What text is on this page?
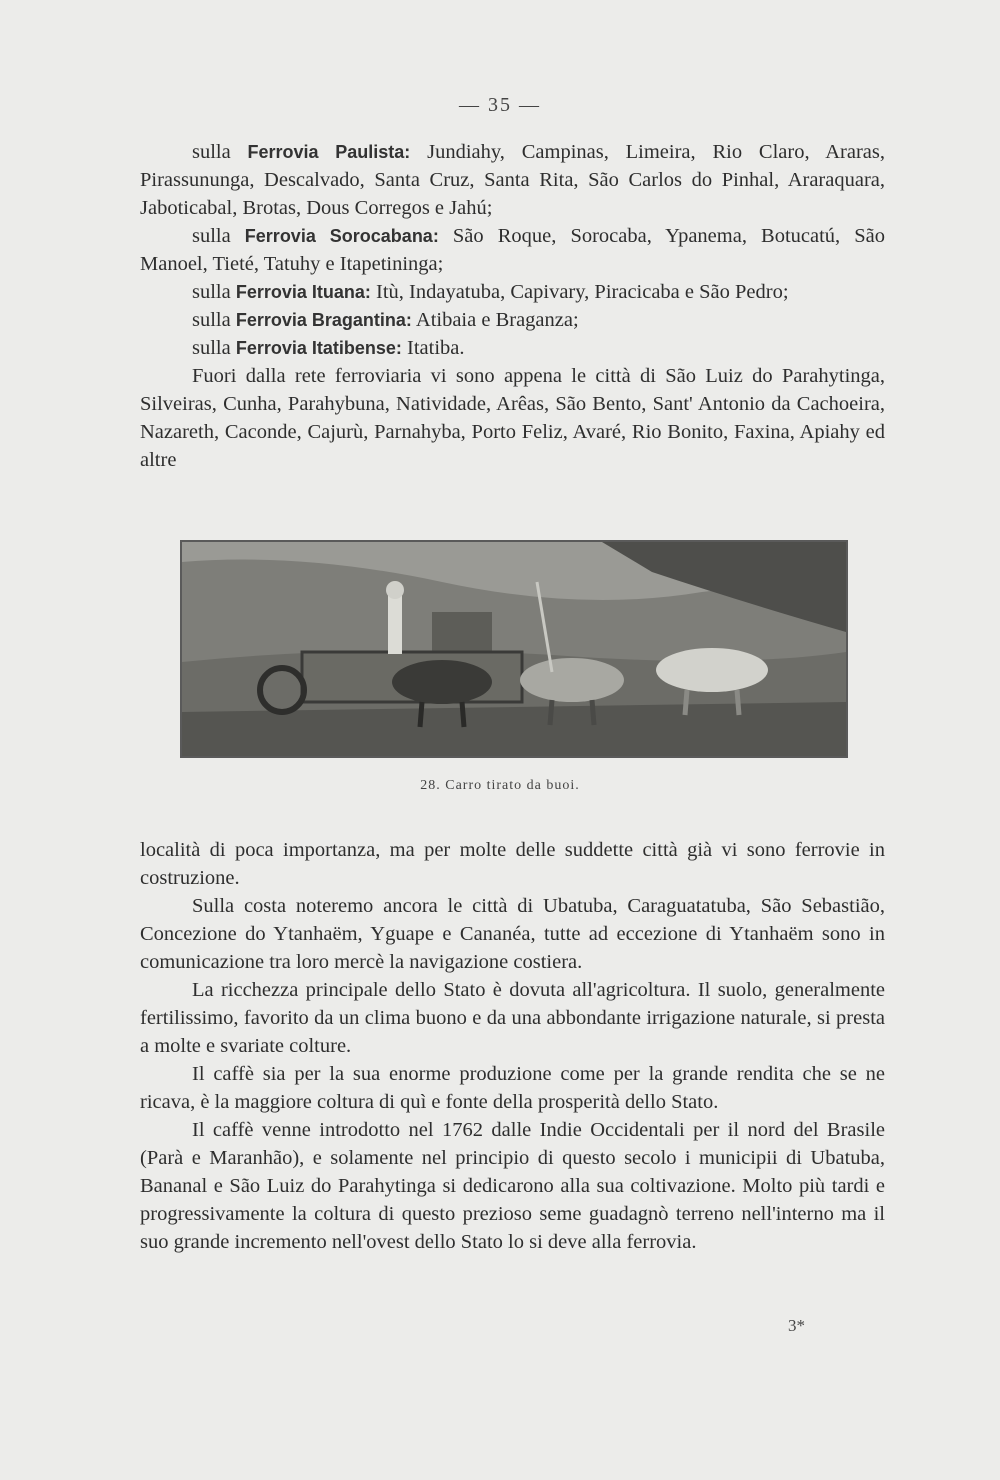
— 35 —

sulla Ferrovia Paulista: Jundiahy, Campinas, Limeira, Rio Claro, Araras, Pirassununga, Descalvado, Santa Cruz, Santa Rita, São Carlos do Pinhal, Araraquara, Jaboticabal, Brotas, Dous Corregos e Jahú;

sulla Ferrovia Sorocabana: São Roque, Sorocaba, Ypanema, Botucatú, São Manoel, Tieté, Tatuhy e Itapetininga;

sulla Ferrovia Ituana: Itù, Indayatuba, Capivary, Piracicaba e São Pedro;

sulla Ferrovia Bragantina: Atibaia e Braganza;

sulla Ferrovia Itatibense: Itatiba.

Fuori dalla rete ferroviaria vi sono appena le città di São Luiz do Parahytinga, Silveiras, Cunha, Parahybuna, Natividade, Arêas, São Bento, Sant' Antonio da Cachoeira, Nazareth, Caconde, Cajurù, Parnahyba, Porto Feliz, Avaré, Rio Bonito, Faxina, Apiahy ed altre

28. Carro tirato da buoi.

località di poca importanza, ma per molte delle suddette città già vi sono ferrovie in costruzione.

Sulla costa noteremo ancora le città di Ubatuba, Caraguatatuba, São Sebastião, Concezione do Ytanhaëm, Yguape e Cananéa, tutte ad eccezione di Ytanhaëm sono in comunicazione tra loro mercè la navigazione costiera.

La ricchezza principale dello Stato è dovuta all'agricoltura. Il suolo, generalmente fertilissimo, favorito da un clima buono e da una abbondante irrigazione naturale, si presta a molte e svariate colture.

Il caffè sia per la sua enorme produzione come per la grande rendita che se ne ricava, è la maggiore coltura di quì e fonte della prosperità dello Stato.

Il caffè venne introdotto nel 1762 dalle Indie Occidentali per il nord del Brasile (Parà e Maranhão), e solamente nel principio di questo secolo i municipii di Ubatuba, Bananal e São Luiz do Parahytinga si dedicarono alla sua coltivazione. Molto più tardi e progressivamente la coltura di questo prezioso seme guadagnò terreno nell'interno ma il suo grande incremento nell'ovest dello Stato lo si deve alla ferrovia.

3*
